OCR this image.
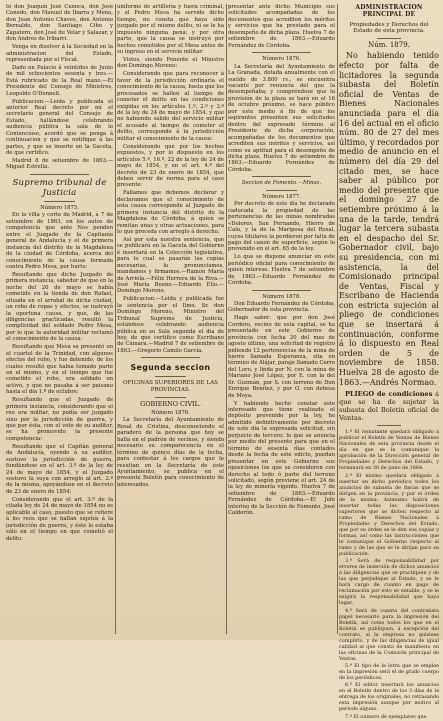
to don Joaquín José Cuenca, don José Canedo, don Manuel de Ibarra y Mena, don Juan Antonio Chaves, don Antonio Bernaldo, don Santiago Cibo y Zapatero, don José de Velar y Salazar, y don Andres de Iribarri.

Venga en disolver á la Sociedad en la administracion del Estado, representada por el Fiscal.

Dado en Palacio á veintidos de Junio de mil ochocientos sesenta y tres.—Está rubricado de la Real mano.—El Presidente del Consejo de Ministros, Leopoldo O'Donnell.

Publicacion.—Leida y publicada el anterior Real decreto por mí el secretario general del Consejo de Estado, hallándose celebrando audiencia pública la sala de lo Contencioso, acordó que se ponga á continuacion y que se notifique á las partes, y que se inserte en la Gaceta, de que certifico.

Madrid 8 de setiembre de 1863.—Miguel Estrella.

Supremo tribunal de Justicia

Número 1875.

En la villa y corte de Madrid, á 7 de setiembre de 1863, en los autos de competencia que ante Nos penden entre el Juzgado de la Capitanía general de Andalucía y el de primera instancia del distrito de la Magdalena de la ciudad de Córdoba, acerca del conocimiento de la causa formada contra Pedro Mesa, por hurto:

Resultando que dicho Juzgado de primera instancia, sabedor de que en la noche del 20 de mayo se había cometido en la tienda de don Rafael, situada en el arrabal de dicha ciudad, un robo de ropas y efectos, se instruyó la oportuna causa, y que, de las diligencias practicadas, resultó la complicidad del soldado Pedro Mesa, por lo que la autoridad militar reclamó el conocimiento de la causa:

Resultando que Mesa se presentó en el cuartel de la Trinidad, con algunos efectos del robo, y fue detenido, de los cuales resultó que había tomado parte en el mismo, y en el tiempo que fue cometido el robo, era soldado en activo, y que no pasaba á ser paisano hasta el dia 1.º de octubre:

Resultando que el Juzgado de primera instancia, considerando que el reo era militar, no podía ser juzgado sino por la jurisdicción de guerra, y que por ésta, con el voto de su auditor, se ha promovido la presente competencia:

Resultando que el Capitán general de Andalucía, oyendo á su auditor, sostuvo la jurisdicción de guerra, fundándose en el art. 3.º de la ley de 24 de mayo de 1854, y el Juzgado sostuvo la suya con arreglo al art. 2.º de la misma, apoyándose en el decreto de 23 de enero de 1854:

Considerando que el art. 3.º de la citada ley de 24 de mayo de 1854 no es aplicable al caso, puesto que se refiere á los reos que se hallan sujetos á la jurisdicción de guerra, y éste lo estaba sólo en el tiempo en que cometió el delito:

uniforme de artillería y fuera criminal, y el Pedro Mesa ha servido dicho tiempo, no consta que haya sido juzgado por el mismo delito, ni se le ha impuesto ninguna pena; y por otra parte, que la causa se instruyó por hechos cometidos por el Mesa antes de su ingreso en el servicio militar:

Vistos, siendo Ponente el Ministro don Domingo Moreno:

Considerando que para reconocer á favor de la jurisdicción ordinaria el conocimiento de la causa, basta que los procesados se hallen al tiempo de cometer el delito en las condiciones exigidas en los artículos 1.º, 2.º y 3.º de la ley de 24 de mayo de 1854, y que no habiendo salido del servicio militar el acusado al tiempo de cometer el delito, corresponde á la jurisdicción militar el conocimiento de la causa:

Considerando que por los hechos expuestos, y por lo dispuesto en los artículos 5.º, 16.º, 22 de la ley de 24 de mayo de 1854, y en el art. 4.º del decreto de 23 de enero de 1854, que deben servir de norma para el caso presente:

Fallamos que debemos declarar y declaramos que el conocimiento de esta causa corresponde al Juzgado de primera instancia del distrito de la Magdalena de Córdoba, á quien se remitan unas y otras actuaciones, para lo que proceda con arreglo á derecho.

Así por esta nuestra sentencia, que se publicará en la Gaceta del Gobierno é insertará en la Colección legislativa, para lo cual se pasarán las copias necesarias, lo pronunciamos, mandamos y firmamos.—Ramon María de Arriola.—Félix Herrera de la Riva.—José María Bueno.—Eduardo Elío.—Domingo Moreno.

Publicacion.—Leida y publicada fue la sentencia por el Ilmo. Sr. don Domingo Moreno, Ministro del Tribunal Supremo de Justicia, estándose celebrando audiencia pública en su Sala segunda el dia de hoy, de que certifico como Escribano de Cámara.—Madrid 7 de setiembre de 1863.—Gregorio Camilo García.

Segunda seccion
OFICINAS SUPERIORES DE LAS PROVINCIAS.
GOBIERNO CIVIL.

Número 1876.

La Secretaría del Ayuntamiento de Rosal de Cristina, desconociendo el paradero de la persona que hoy se halla en el padrón de vecinos, y siendo necesario su comparecencia en el término de quince días de la fecha, para contestar á los cargos que le resultan en la Secretaría de este Ayuntamiento, se publica en el presente Boletín para conocimiento de interesados.

presentar ante dicho Municipio sus solicitudes acompañadas de los documentos que acrediten los méritos y servicios que ha prestado para el desempeño de dicha plaza. Huelva 7 de setiembre de 1863.—Eduardo Fernández de Córdoba.

Número 1876.

La Secretaría del Ayuntamiento de La Granada, dotada anualmente con el sueldo de 3.800 rs., se encuentra vacante por renuncia del que la desempeñaba; y compréndose que la provisión de la plaza se hará en el 16 de octubre próximo, se hace público por este medio á fin de que los aspirantes presenten sus solicitudes dentro del expresado término al Presidente de dicha corporación, acompañadas de los documentos que acrediten sus méritos y servicios, así como su aptitud para el desempeño de dicha plaza. Huelva 7 de setiembre de 1863.—Eduardo Fernández de Córdoba.

Seccion de Fomento.—Minas.

Número 1877.

Por decreto de este día he declarado caducada la propiedad de las pertenencias de las minas nombradas «Dolores, San Fernando, Hierro de Cala, y la de la Mariposa del Rosal, cuyos titulares la perdieron por falta de pago del canon de superficie, según lo prevenido en el art. 65 de la ley.

Lo que se dispone anunciar en este periódico oficial para conocimiento de quien interese. Huelva 7 de setiembre de 1863.—Eduardo Fernández de Córdoba.

Número 1878.

Don Eduardo Fernández de Córdoba, Gobernador de esta provincia.

Hago saber: que por don José Cordero, vecino de esta capital, se ha presentado en este Gobierno de provincia con fecha 20 del mes de agosto último, una solicitud de registro pidiendo 12 pertenencias de la mina de hierro llamada Esperanza, sita en término de Alájar, paraje llamado Cerro del Loro, y linda por N. con la mina de Mariano José López, por E. con la del Sr. Guzmán, por S. con terreno de Don Enrique Benítez, y por O. con dehesa de Moya.

Y habiendo hecho constar este interesado que tiene realizado el depósito prevenido por la ley, he admitido definitivamente por decreto de este día la expresada solicitud, sin perjuicio de tercero; lo que se anuncia por medio del presente para que en el término de sesenta días contados desde la fecha de este edicto, puedan presentar en este Gobierno sus oposiciones los que se consideren con derecho al todo ó parte del terreno solicitado, según previene el art. 24 de la ley de minería vigente. Huelva 7 de setiembre de 1863.—Eduardo Fernández de Córdoba.—El Jefe interino de la Sección de Fomento, José Calderón.

ADMINISTRACION PRINCIPAL DE
Propiedades y Derechos del Estado de esta provincia.
Núm. 1879.
No habiendo tenido efecto por falta de licitadores la segunda subasta del Boletín oficial de Ventas de Bienes Nacionales anunciada para el día 16 del actual en el oficio núm. 80 de 27 del mes último, y recordados por medio de anuncio en el número del día 29 del citado mes, se hace saber al público por medio del presente que el domingo 27 de setiembre próximo á la una de la tarde, tendrá lugar la tercera subasta en el despacho del Sr. Gobernador civil, bajo su presidencia, con mi asistencia, la del Comisionado principal de Ventas, Fiscal y Escribano de Hacienda con estricta sujeción al pliego de condiciones que se insertará á continuación, conforme á lo dispuesto en Real orden de 5 de noviembre de 1858. Huelva 28 de agosto de 1863.—Andrés Normao.
PLIEGO de condiciones á que se ha de sujetar la subasta del Boletín oficial de Ventas.

1.ª El rematante quedará obligado á publicar el Boletín de Ventas de Bienes Nacionales de esta provincia desde el día en que se le comunique la aprobación de la Dirección general de Propiedades y Derechos del Estado, y terminará en 30 de junio de 1864.

2.ª El mismo quedará obligado á insertar en dicho periódico todos los anuncios de subasta de fincas que se dirigen en la provincia, y por el órden de la misma. Asimismo habrá de insertar todas las disposiciones superiores que se dicten respecto al ramo de Bienes Nacionales á Propiedades y Derechos del Estado, que por su órden se le den sus copias y formas, así como las instrucciones que le comunique el Gobierno respecto al ramo y de las que se le dirijan para su publicación.

3.ª Será de responsabilidad por errores de inserción de dichos anuncios á las diligencias que se practiquen y de las que perjudique al Estado, y se le hará cargo de cuanto en pago de reclamación por esto se entable, y se le exigirá la responsabilidad que haya lugar.

4.ª Será de cuenta del contratista papel necesario para la impresión del Boletín, así como todos los que en el Boletín se publiquen, á excepción del contrato, si la empresa no quisiese cumplirlo, y de las diligencias de igual calidad al que consta de manifiesto en las oficinas de la Comisión principal de Ventas.

5.ª El tipo de la letra que se emplee en la impresión será el de grado cuerpo de los periódicos.

6.ª El editor insertará los anuncios en el Boletín dentro de los 3 días de la entrega de los originales, no retrasando esta impresión aunque por motivo al periodo alguno.

7.ª El número de ejemplares que
